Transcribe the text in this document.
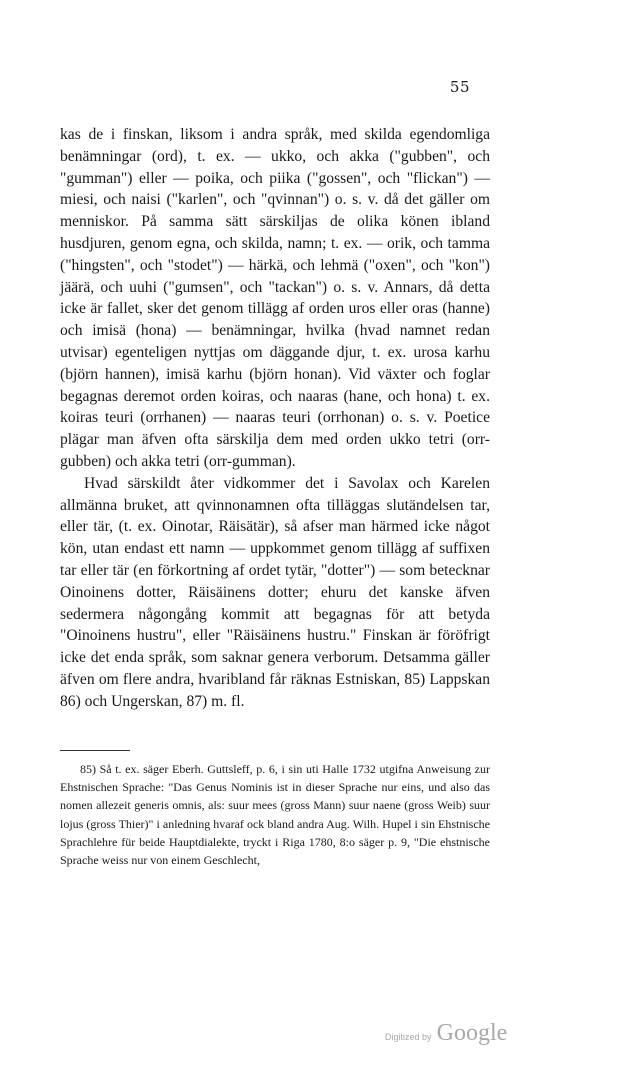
55

kas de i finskan, liksom i andra språk, med skilda egendomliga benämningar (ord), t. ex. — ukko, och akka ("gubben", och "gumman") eller — poika, och piika ("gossen", och "flickan") — miesi, och naisi ("karlen", och "qvinnan") o. s. v. då det gäller om menniskor. På samma sätt särskiljas de olika könen ibland husdjuren, genom egna, och skilda, namn; t. ex. — orik, och tamma ("hingsten", och "stodet") — härkä, och lehmä ("oxen", och "kon") jäärä, och uuhi ("gumsen", och "tackan") o. s. v. Annars, då detta icke är fallet, sker det genom tillägg af orden uros eller oras (hanne) och imisä (hona) — benämningar, hvilka (hvad namnet redan utvisar) egenteligen nyttjas om däggande djur, t. ex. urosa karhu (björn hannen), imisä karhu (björn honan). Vid växter och foglar begagnas deremot orden koiras, och naaras (hane, och hona) t. ex. koiras teuri (orrhanen) — naaras teuri (orrhonan) o. s. v. Poetice plägar man äfven ofta särskilja dem med orden ukko tetri (orr-gubben) och akka tetri (orr-gumman).

Hvad särskildt åter vidkommer det i Savolax och Karelen allmänna bruket, att qvinnonamnen ofta tilläggas slutändelsen tar, eller tär, (t. ex. Oinotar, Räisätär), så afser man härmed icke något kön, utan endast ett namn — uppkommet genom tillägg af suffixen tar eller tär (en förkortning af ordet tytär, "dotter") — som betecknar Oinoinens dotter, Räisäinens dotter; ehuru det kanske äfven sedermera någongång kommit att begagnas för att betyda "Oinoinens hustru", eller "Räisäinens hustru." Finskan är föröfrigt icke det enda språk, som saknar genera verborum. Detsamma gäller äfven om flere andra, hvaribland får räknas Estniskan, 85) Lappskan 86) och Ungerskan, 87) m. fl.

85) Så t. ex. säger Eberh. Guttsleff, p. 6, i sin uti Halle 1732 utgifna Anweisung zur Ehstnischen Sprache: "Das Genus Nominis ist in dieser Sprache nur eins, und also das nomen allezeit generis omnis, als: suur mees (gross Mann) suur naene (gross Weib) suur lojus (gross Thier)" i anledning hvaraf ock bland andra Aug. Wilh. Hupel i sin Ehstnische Sprachlehre für beide Hauptdialekte, tryckt i Riga 1780, 8:o säger p. 9, "Die ehstnische Sprache weiss nur von einem Geschlecht,
Digitized by Google
